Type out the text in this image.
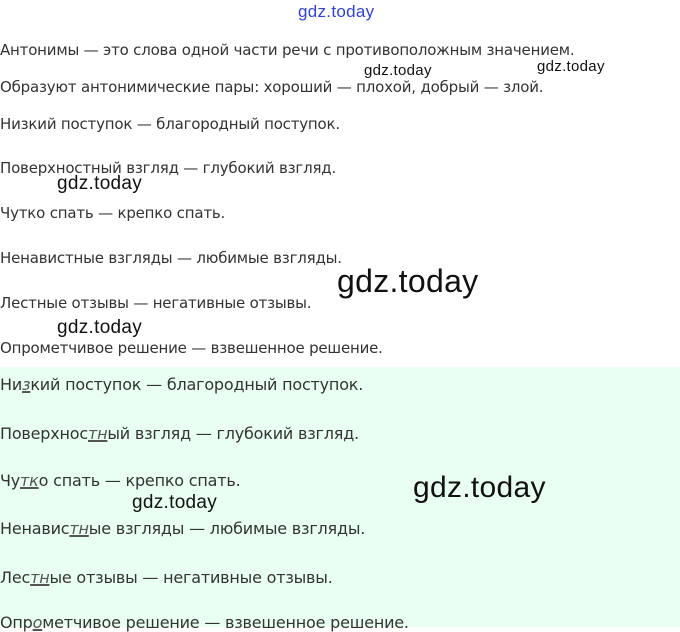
Антонимы — это слова одной части речи с противоположным значением.
Образуют антонимические пары: хороший — плохой, добрый — злой.
Низкий поступок — благородный поступок.
Поверхностный взгляд — глубокий взгляд.
Чутко спать — крепко спать.
Ненавистные взгляды — любимые взгляды.
Лестные отзывы — негативные отзывы.
Опрометчивое решение — взвешенное решение.
Низкий поступок — благородный поступок.
Поверхностный взгляд — глубокий взгляд.
Чутко спать — крепко спать.
Ненавистные взгляды — любимые взгляды.
Лестные отзывы — негативные отзывы.
Опрометчивое решение — взвешенное решение.
gdz.today
gdz.today	gdz.today
gdz.today
gdz.today
gdz.today
gdz.today
gdz.today
